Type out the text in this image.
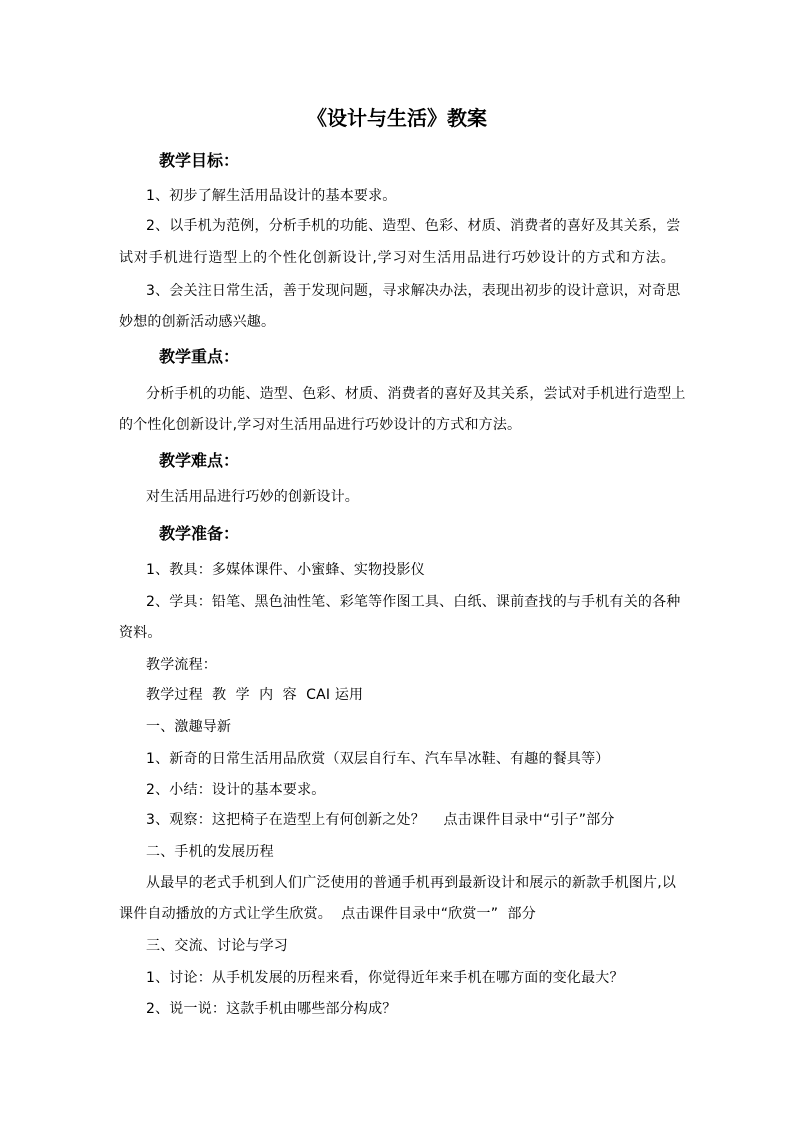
《设计与生活》教案
教学目标：
1、初步了解生活用品设计的基本要求。
2、以手机为范例，分析手机的功能、造型、色彩、材质、消费者的喜好及其关系，尝
试对手机进行造型上的个性化创新设计,学习对生活用品进行巧妙设计的方式和方法。
3、会关注日常生活，善于发现问题，寻求解决办法，表现出初步的设计意识，对奇思
妙想的创新活动感兴趣。
教学重点：
分析手机的功能、造型、色彩、材质、消费者的喜好及其关系，尝试对手机进行造型上
的个性化创新设计,学习对生活用品进行巧妙设计的方式和方法。
教学难点：
对生活用品进行巧妙的创新设计。
教学准备：
1、教具：多媒体课件、小蜜蜂、实物投影仪
2、学具：铅笔、黑色油性笔、彩笔等作图工具、白纸、课前查找的与手机有关的各种
资料。
教学流程：
教学过程  教  学  内  容  CAI 运用
一、激趣导新
1、新奇的日常生活用品欣赏（双层自行车、汽车旱冰鞋、有趣的餐具等）
2、小结：设计的基本要求。
3、观察：这把椅子在造型上有何创新之处？    点击课件目录中“引子”部分
二、手机的发展历程
从最早的老式手机到人们广泛使用的普通手机再到最新设计和展示的新款手机图片,以
课件自动播放的方式让学生欣赏。  点击课件目录中“欣赏一”  部分
三、交流、讨论与学习
1、讨论：从手机发展的历程来看，你觉得近年来手机在哪方面的变化最大？
2、说一说：这款手机由哪些部分构成？
